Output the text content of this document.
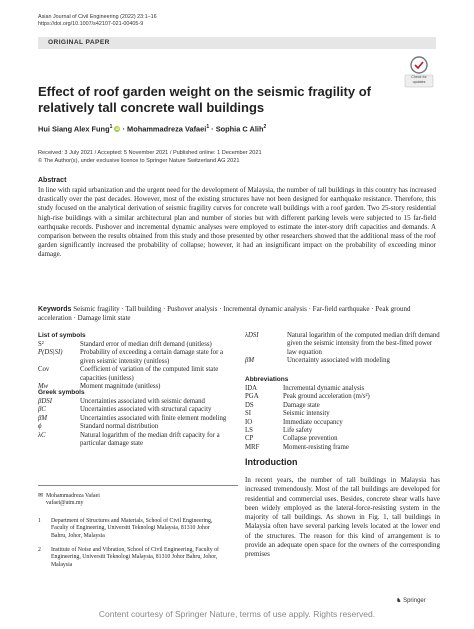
Asian Journal of Civil Engineering (2022) 23:1–16
https://doi.org/10.1007/s42107-021-00405-9
ORIGINAL PAPER
Check for
updates
Effect of roof garden weight on the seismic fragility of relatively tall concrete wall buildings
Hui Siang Alex Fung$^1$ iD · Mohammadreza Vafaei$^1$ · Sophia C Alih$^2$
Received: 3 July 2021 / Accepted: 5 November 2021 / Published online: 1 December 2021
© The Author(s), under exclusive licence to Springer Nature Switzerland AG 2021
Abstract
In line with rapid urbanization and the urgent need for the development of Malaysia, the number of tall buildings in this country has increased drastically over the past decades. However, most of the existing structures have not been designed for earthquake resistance. Therefore, this study focused on the analytical derivation of seismic fragility curves for concrete wall buildings with a roof garden. Two 25-story residential high-rise buildings with a similar architectural plan and number of stories but with different parking levels were subjected to 15 far-field earthquake records. Pushover and incremental dynamic analyses were employed to estimate the inter-story drift capacities and demands. A comparison between the results obtained from this study and those presented by other researchers showed that the additional mass of the roof garden significantly increased the probability of collapse; however, it had an insignificant impact on the probability of exceeding minor damage.
Keywords Seismic fragility · Tall building · Pushover analysis · Incremental dynamic analysis · Far-field earthquake · Peak ground acceleration · Damage limit state
List of symbols
S²	Standard error of median drift demand (unitless)
P(DS|SI)	Probability of exceeding a certain damage state for a given seismic intensity (unitless)
Cov	Coefficient of variation of the computed limit state capacities (unitless)
Mw	Moment magnitude (unitless)
Greek symbols
βDSI	Uncertainties associated with seismic demand
βC	Uncertainties associated with structural capacity
βM	Uncertainties associated with finite element modeling
ϕ	Standard normal distribution
λC	Natural logarithm of the median drift capacity for a particular damage state
✉ Mohammadreza Vafaei
vafaei@utm.my
1 Department of Structures and Materials, School of Civil Engineering, Faculty of Engineering, Universiti Teknologi Malaysia, 81310 Johor Bahru, Johor, Malaysia
2 Institute of Noise and Vibration, School of Civil Engineering, Faculty of Engineering, Universiti Teknologi Malaysia, 81310 Johor Bahru, Johor, Malaysia
λDSI	Natural logarithm of the computed median drift demand given the seismic intensity from the best-fitted power law equation
βM	Uncertainty associated with modeling
Abbreviations
IDA	Incremental dynamic analysis
PGA	Peak ground acceleration (m/s²)
DS	Damage state
SI	Seismic intensity
IO	Immediate occupancy
LS	Life safety
CP	Collapse prevention
MRF	Moment-resisting frame
Introduction
In recent years, the number of tall buildings in Malaysia has increased tremendously. Most of the tall buildings are developed for residential and commercial uses. Besides, concrete shear walls have been widely employed as the lateral-force-resisting system in the majority of tall buildings. As shown in Fig. 1, tall buildings in Malaysia often have several parking levels located at the lower end of the structures. The reason for this kind of arrangement is to provide an adequate open space for the owners of the corresponding premises
♞ Springer
Content courtesy of Springer Nature, terms of use apply. Rights reserved.
